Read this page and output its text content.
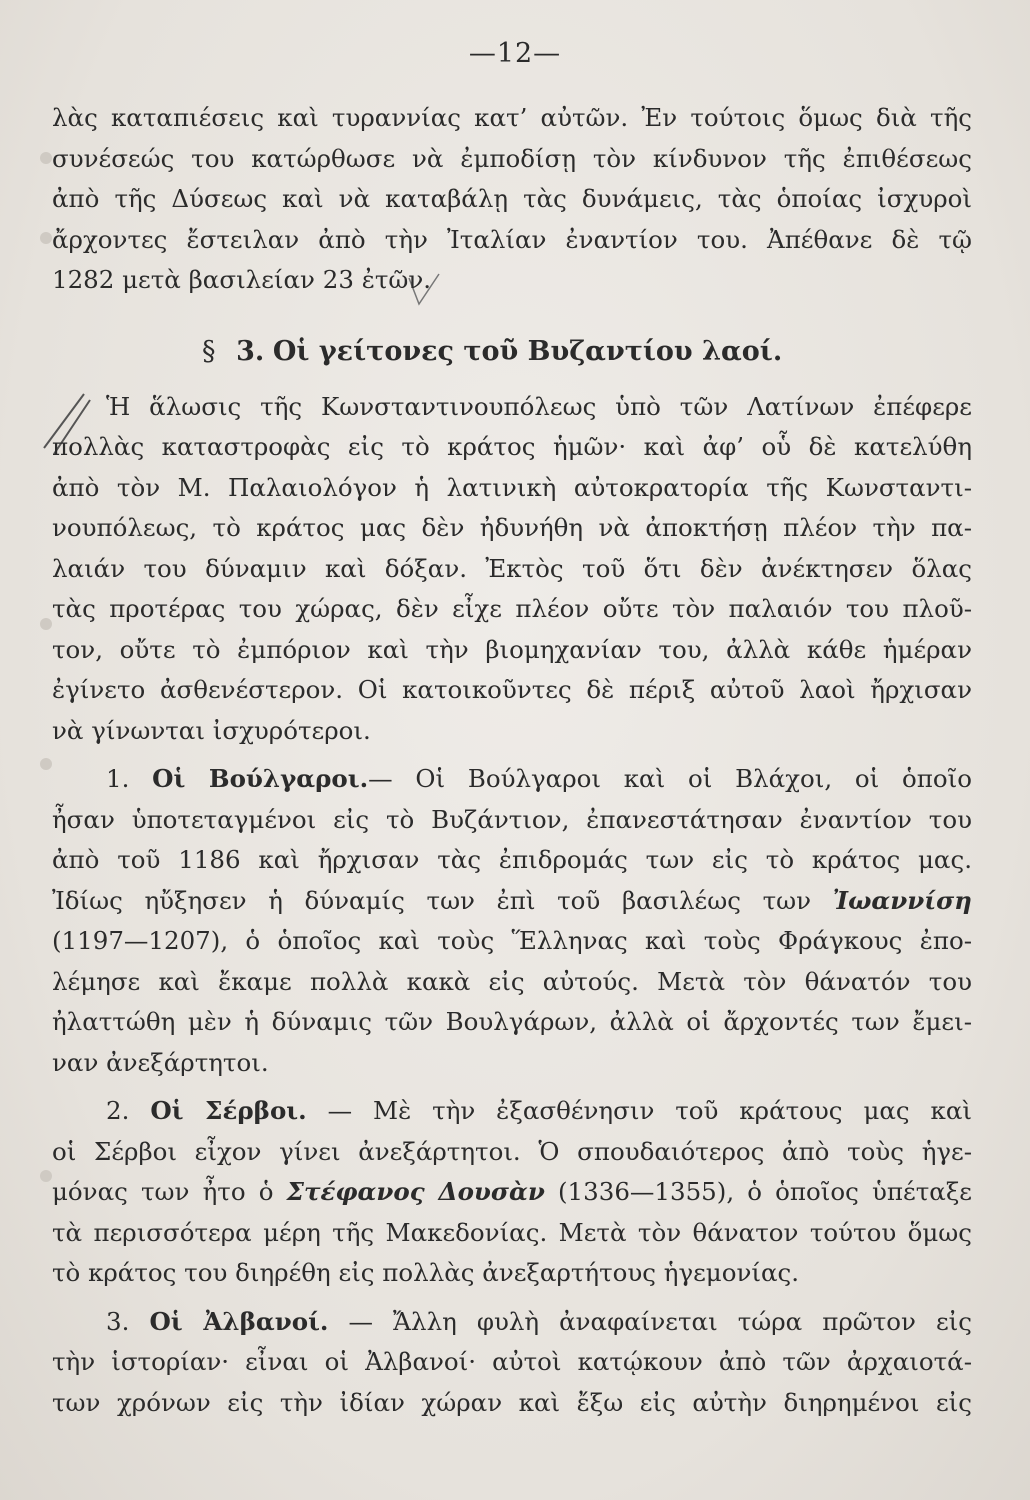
—12—
λὰς καταπιέσεις καὶ τυραννίας κατ’ αὐτῶν. Ἐν τούτοις ὅμως διὰ τῆς
συνέσεώς του κατώρθωσε νὰ ἐμποδίσῃ τὸν κίνδυνον τῆς ἐπιθέσεως
ἀπὸ τῆς Δύσεως καὶ νὰ καταβάλῃ τὰς δυνάμεις, τὰς ὁποίας ἰσχυροὶ
ἄρχοντες ἔστειλαν ἀπὸ τὴν Ἰταλίαν ἐναντίον του. Ἀπέθανε δὲ τῷ
1282 μετὰ βασιλείαν 23 ἐτῶν.
§ 3. Οἱ γείτονες τοῦ Βυζαντίου λαοί.
Ἡ ἅλωσις τῆς Κωνσταντινουπόλεως ὑπὸ τῶν Λατίνων ἐπέφερε
πολλὰς καταστροφὰς εἰς τὸ κράτος ἡμῶν· καὶ ἀφ’ οὗ δὲ κατελύθη
ἀπὸ τὸν Μ. Παλαιολόγον ἡ λατινικὴ αὐτοκρατορία τῆς Κωνσταντι-
νουπόλεως, τὸ κράτος μας δὲν ἠδυνήθη νὰ ἀποκτήσῃ πλέον τὴν πα-
λαιάν του δύναμιν καὶ δόξαν. Ἐκτὸς τοῦ ὅτι δὲν ἀνέκτησεν ὅλας
τὰς προτέρας του χώρας, δὲν εἶχε πλέον οὔτε τὸν παλαιόν του πλοῦ-
τον, οὔτε τὸ ἐμπόριον καὶ τὴν βιομηχανίαν του, ἀλλὰ κάθε ἡμέραν
ἐγίνετο ἀσθενέστερον. Οἱ κατοικοῦντες δὲ πέριξ αὐτοῦ λαοὶ ἤρχισαν
νὰ γίνωνται ἰσχυρότεροι.
1. Οἱ Βούλγαροι.— Οἱ Βούλγαροι καὶ οἱ Βλάχοι, οἱ ὁποῖο
ἦσαν ὑποτεταγμένοι εἰς τὸ Βυζάντιον, ἐπανεστάτησαν ἐναντίον του
ἀπὸ τοῦ 1186 καὶ ἤρχισαν τὰς ἐπιδρομάς των εἰς τὸ κράτος μας.
Ἰδίως ηὔξησεν ἡ δύναμίς των ἐπὶ τοῦ βασιλέως των Ἰωαννίση
(1197—1207), ὁ ὁποῖος καὶ τοὺς Ἕλληνας καὶ τοὺς Φράγκους ἐπο-
λέμησε καὶ ἔκαμε πολλὰ κακὰ εἰς αὐτούς. Μετὰ τὸν θάνατόν του
ἠλαττώθη μὲν ἡ δύναμις τῶν Βουλγάρων, ἀλλὰ οἱ ἄρχοντές των ἔμει-
ναν ἀνεξάρτητοι.
2. Οἱ Σέρβοι. — Μὲ τὴν ἐξασθένησιν τοῦ κράτους μας καὶ
οἱ Σέρβοι εἶχον γίνει ἀνεξάρτητοι. Ὁ σπουδαιότερος ἀπὸ τοὺς ἡγε-
μόνας των ἦτο ὁ Στέφανος Δουσὰν (1336—1355), ὁ ὁποῖος ὑπέταξε
τὰ περισσότερα μέρη τῆς Μακεδονίας. Μετὰ τὸν θάνατον τούτου ὅμως
τὸ κράτος του διηρέθη εἰς πολλὰς ἀνεξαρτήτους ἡγεμονίας.
3. Οἱ Ἀλβανοί. — Ἄλλη φυλὴ ἀναφαίνεται τώρα πρῶτον εἰς
τὴν ἱστορίαν· εἶναι οἱ Ἀλβανοί· αὐτοὶ κατῴκουν ἀπὸ τῶν ἀρχαιοτά-
των χρόνων εἰς τὴν ἰδίαν χώραν καὶ ἔξω εἰς αὐτὴν διηρημένοι εἰς
